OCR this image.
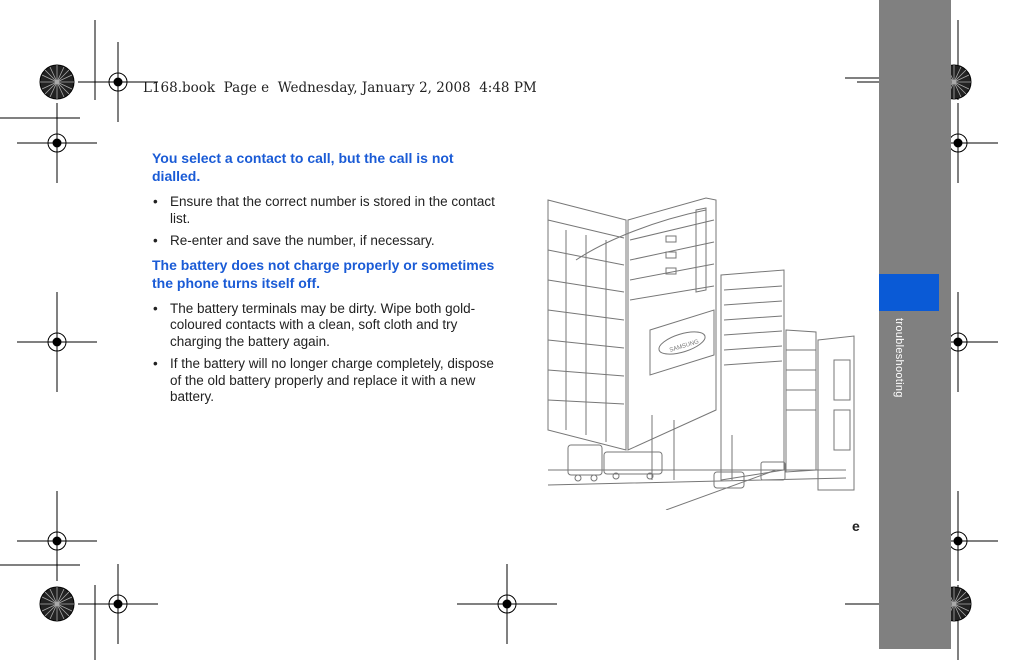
L168.book  Page e  Wednesday, January 2, 2008  4:48 PM
You select a contact to call, but the call is not dialled.
• Ensure that the correct number is stored in the contact list.
• Re-enter and save the number, if necessary.
The battery does not charge properly or sometimes the phone turns itself off.
• The battery terminals may be dirty. Wipe both gold-coloured contacts with a clean, soft cloth and try charging the battery again.
• If the battery will no longer charge completely, dispose of the old battery properly and replace it with a new battery.
SAMSUNG	troubleshooting
e
